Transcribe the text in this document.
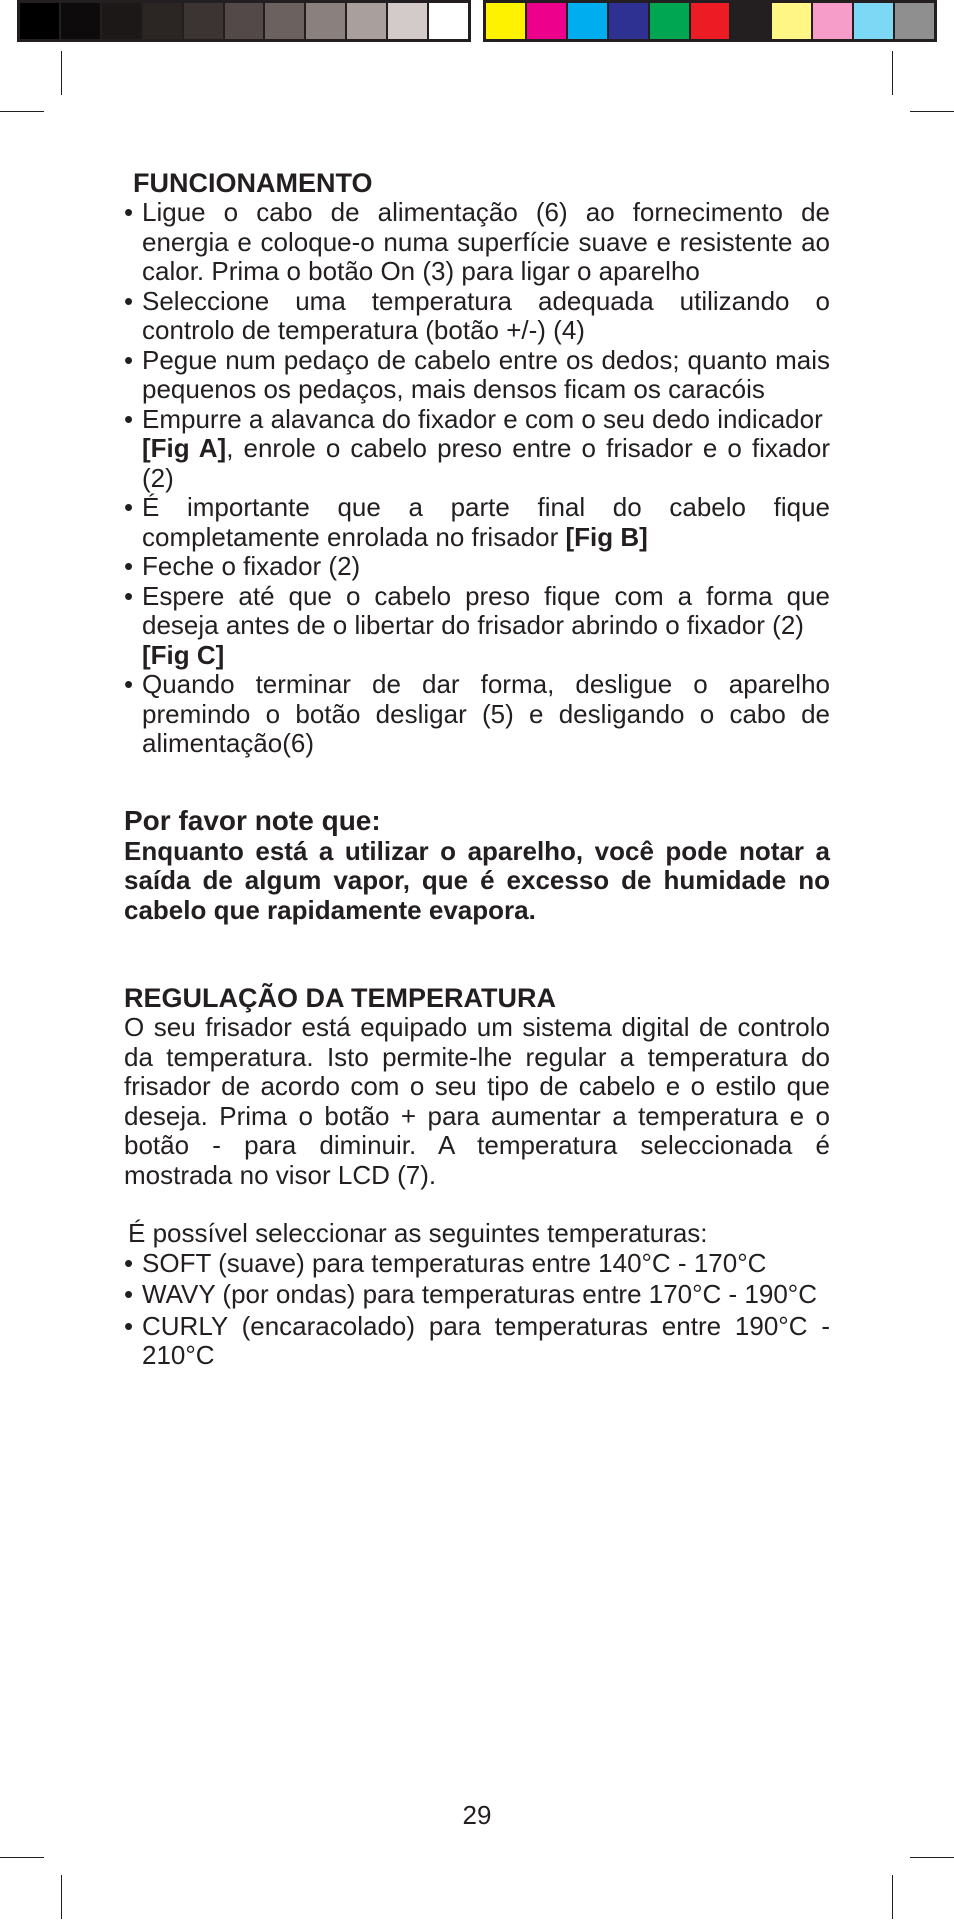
FUNCIONAMENTO
• Ligue o cabo de alimentação (6) ao fornecimento de energia e coloque-o numa superfície suave e resistente ao calor. Prima o botão On (3) para ligar o aparelho
• Seleccione uma temperatura adequada utilizando o controlo de temperatura (botão +/-) (4)
• Pegue num pedaço de cabelo entre os dedos; quanto mais pequenos os pedaços, mais densos ficam os caracóis
• Empurre a alavanca do fixador e com o seu dedo indicador
[Fig A], enrole o cabelo preso entre o frisador e o fixador (2)
• É importante que a parte final do cabelo fique completamente enrolada no frisador [Fig B]
• Feche o fixador (2)
• Espere até que o cabelo preso fique com a forma que deseja antes de o libertar do frisador abrindo o fixador (2)
[Fig C]
• Quando terminar de dar forma, desligue o aparelho premindo o botão desligar (5) e desligando o cabo de alimentação(6)
Por favor note que:

Enquanto está a utilizar o aparelho, você pode notar a saída de algum vapor, que é excesso de humidade no cabelo que rapidamente evapora.

REGULAÇÃO DA TEMPERATURA

O seu frisador está equipado um sistema digital de controlo da temperatura. Isto permite-lhe regular a temperatura do frisador de acordo com o seu tipo de cabelo e o estilo que deseja. Prima o botão + para aumentar a temperatura e o botão - para diminuir. A temperatura seleccionada é mostrada no visor LCD (7).

É possível seleccionar as seguintes temperaturas:

• SOFT (suave) para temperaturas entre 140°C - 170°C
• WAVY (por ondas) para temperaturas entre 170°C - 190°C
• CURLY (encaracolado) para temperaturas entre 190°C - 210°C
29
